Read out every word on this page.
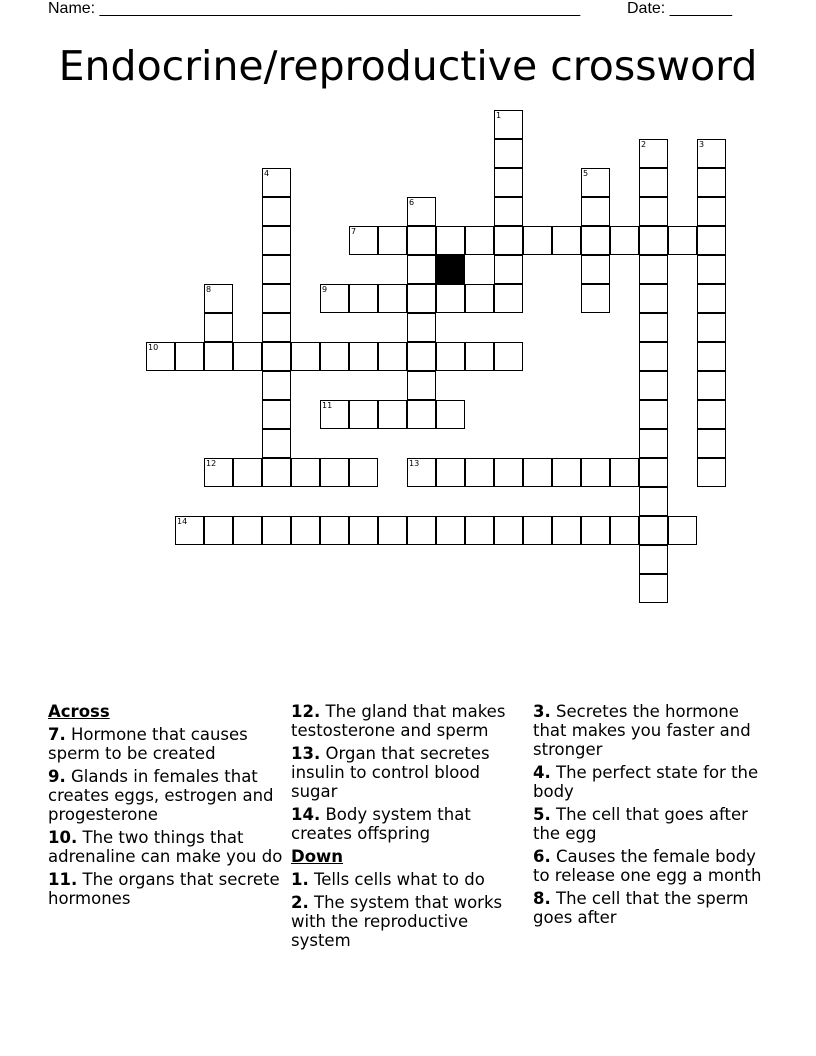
Name: ______________________________________________________	Date: _______
Endocrine/reproductive crossword
1
2	3
4	5
6
7
8	9
10
11
12	13
14
Across
7. Hormone that causes sperm to be created
9. Glands in females that creates eggs, estrogen and progesterone
10. The two things that adrenaline can make you do
11. The organs that secrete hormones
12. The gland that makes testosterone and sperm
13. Organ that secretes insulin to control blood sugar
14. Body system that creates offspring
Down
1. Tells cells what to do
2. The system that works with the reproductive system
3. Secretes the hormone that makes you faster and stronger
4. The perfect state for the body
5. The cell that goes after the egg
6. Causes the female body to release one egg a month
8. The cell that the sperm goes after
